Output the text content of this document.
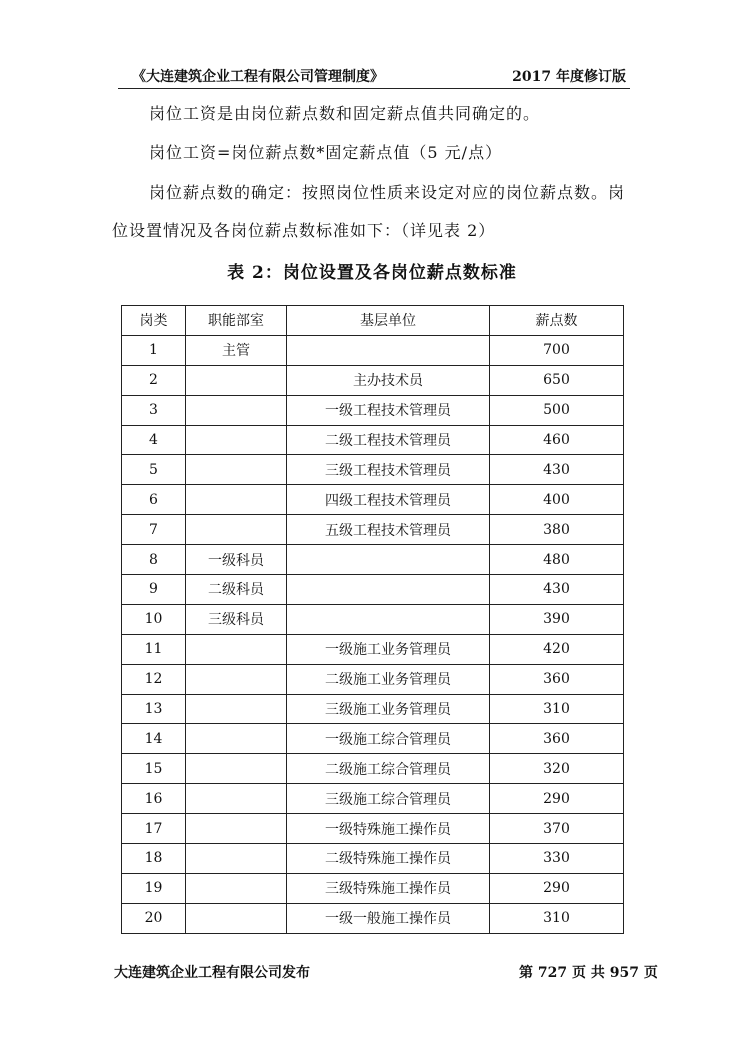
《大连建筑企业工程有限公司管理制度》	2017 年度修订版
岗位工资是由岗位薪点数和固定薪点值共同确定的。
岗位工资=岗位薪点数*固定薪点值（5 元/点）
岗位薪点数的确定：按照岗位性质来设定对应的岗位薪点数。岗
位设置情况及各岗位薪点数标准如下：（详见表 2）
表 2：岗位设置及各岗位薪点数标准
岗类	职能部室	基层单位	薪点数
1	主管		700
2		主办技术员	650
3		一级工程技术管理员	500
4		二级工程技术管理员	460
5		三级工程技术管理员	430
6		四级工程技术管理员	400
7		五级工程技术管理员	380
8	一级科员		480
9	二级科员		430
10	三级科员		390
11		一级施工业务管理员	420
12		二级施工业务管理员	360
13		三级施工业务管理员	310
14		一级施工综合管理员	360
15		二级施工综合管理员	320
16		三级施工综合管理员	290
17		一级特殊施工操作员	370
18		二级特殊施工操作员	330
19		三级特殊施工操作员	290
20		一级一般施工操作员	310
大连建筑企业工程有限公司发布	第 727 页 共 957 页
